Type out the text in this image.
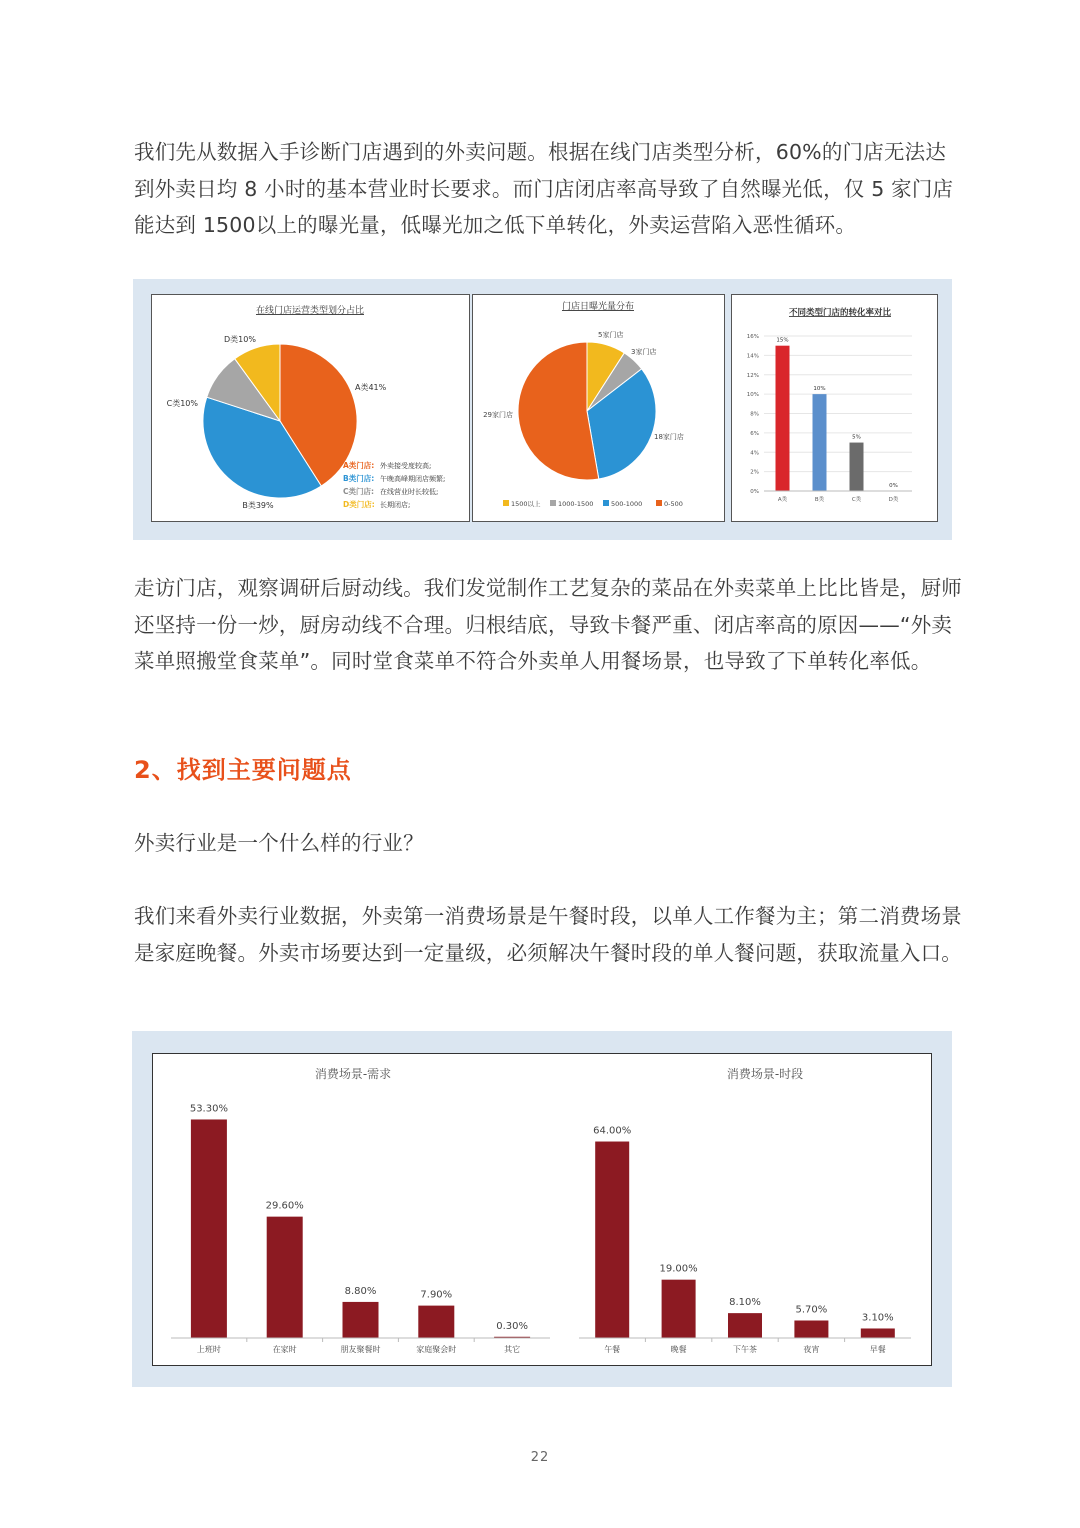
我们先从数据入手诊断门店遇到的外卖问题。根据在线门店类型分析，60%的门店无法达到外卖日均 8 小时的基本营业时长要求。而门店闭店率高导致了自然曝光低，仅 5 家门店能达到 1500以上的曝光量，低曝光加之低下单转化，外卖运营陷入恶性循环。

在线门店运营类型划分占比
A类41%
B类39%
C类10%
D类10%
A类门店: 外卖接受度较高;
B类门店: 午晚高峰期闭店频繁;
C类门店: 在线营业时长较低;
D类门店: 长期闭店;
门店日曝光量分布
5家门店
3家门店
18家门店
29家门店
1500以上	1000-1500	500-1000	0-500
不同类型门店的转化率对比
0%
2%
4%
6%
8%
10%
12%
14%
16%
15%
A类
10%
B类
5%
C类
0%
D类

走访门店，观察调研后厨动线。我们发觉制作工艺复杂的菜品在外卖菜单上比比皆是，厨师还坚持一份一炒，厨房动线不合理。归根结底，导致卡餐严重、闭店率高的原因——“外卖菜单照搬堂食菜单”。同时堂食菜单不符合外卖单人用餐场景，也导致了下单转化率低。

2、找到主要问题点

外卖行业是一个什么样的行业？

我们来看外卖行业数据，外卖第一消费场景是午餐时段，以单人工作餐为主；第二消费场景是家庭晚餐。外卖市场要达到一定量级，必须解决午餐时段的单人餐问题，获取流量入口。

消费场景-需求
53.30%
上班时
29.60%
在家时
8.80%
朋友聚餐时
7.90%
家庭聚会时
0.30%
其它
消费场景-时段
64.00%
午餐
19.00%
晚餐
8.10%
下午茶
5.70%
夜宵
3.10%
早餐
22
